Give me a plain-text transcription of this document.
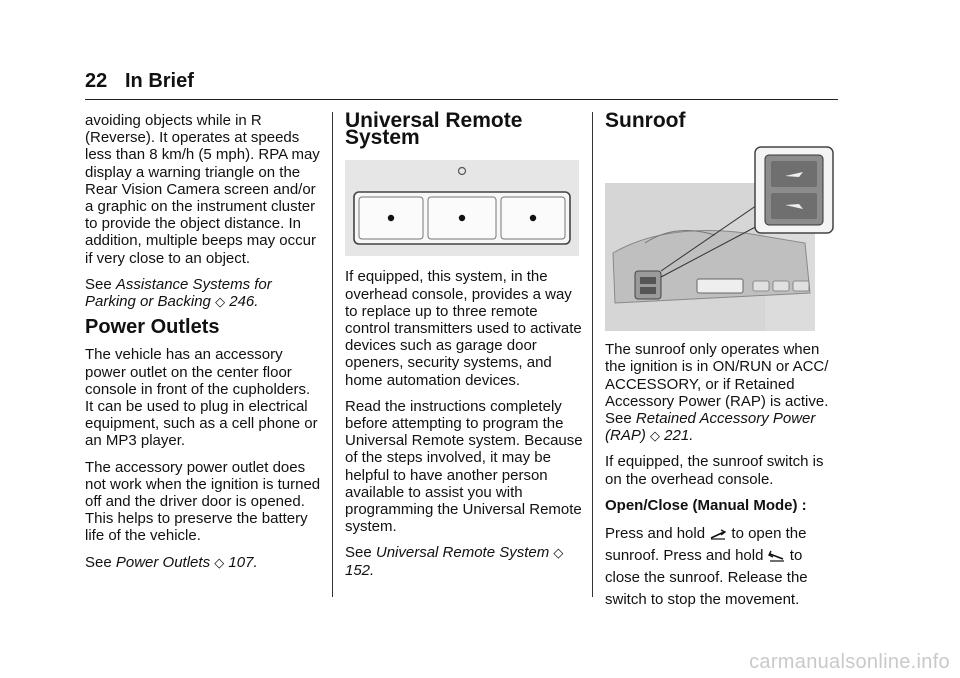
22 In Brief

avoiding objects while in R (Reverse). It operates at speeds less than 8 km/h (5 mph). RPA may display a warning triangle on the Rear Vision Camera screen and/or a graphic on the instrument cluster to provide the object distance. In addition, multiple beeps may occur if very close to an object.

See Assistance Systems for Parking or Backing ◇ 246.

Power Outlets

The vehicle has an accessory power outlet on the center floor console in front of the cupholders. It can be used to plug in electrical equipment, such as a cell phone or an MP3 player.

The accessory power outlet does not work when the ignition is turned off and the driver door is opened. This helps to preserve the battery life of the vehicle.

See Power Outlets ◇ 107.

Universal Remote System

If equipped, this system, in the overhead console, provides a way to replace up to three remote control transmitters used to activate devices such as garage door openers, security systems, and home automation devices.

Read the instructions completely before attempting to program the Universal Remote system. Because of the steps involved, it may be helpful to have another person available to assist you with programming the Universal Remote system.

See Universal Remote System ◇ 152.

Sunroof

The sunroof only operates when the ignition is in ON/RUN or ACC/ ACCESSORY, or if Retained Accessory Power (RAP) is active. See Retained Accessory Power (RAP) ◇ 221.

If equipped, the sunroof switch is on the overhead console.

Open/Close (Manual Mode) :

Press and hold  to open the sunroof. Press and hold  to close the sunroof. Release the switch to stop the movement.

carmanualsonline.info
